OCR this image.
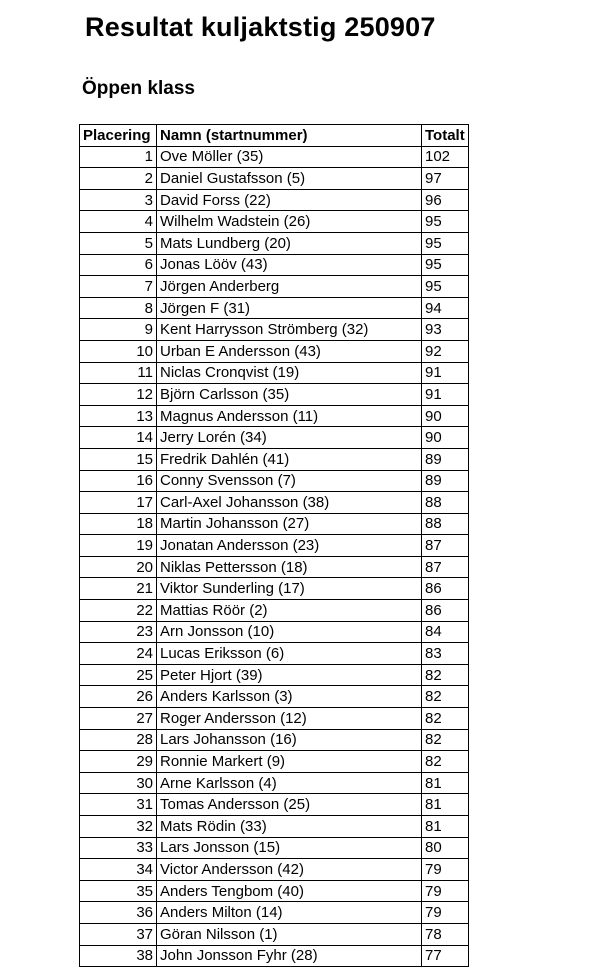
Resultat kuljaktstig 250907
Öppen klass
Placering	Namn (startnummer)	Totalt
1	Ove Möller (35)	102
2	Daniel Gustafsson (5)	97
3	David Forss (22)	96
4	Wilhelm Wadstein (26)	95
5	Mats Lundberg (20)	95
6	Jonas Lööv (43)	95
7	Jörgen Anderberg	95
8	Jörgen F (31)	94
9	Kent Harrysson Strömberg (32)	93
10	Urban E Andersson (43)	92
11	Niclas Cronqvist (19)	91
12	Björn Carlsson (35)	91
13	Magnus Andersson (11)	90
14	Jerry Lorén (34)	90
15	Fredrik Dahlén (41)	89
16	Conny Svensson (7)	89
17	Carl-Axel Johansson (38)	88
18	Martin Johansson (27)	88
19	Jonatan Andersson (23)	87
20	Niklas Pettersson (18)	87
21	Viktor Sunderling (17)	86
22	Mattias Röör (2)	86
23	Arn Jonsson (10)	84
24	Lucas Eriksson (6)	83
25	Peter Hjort (39)	82
26	Anders Karlsson (3)	82
27	Roger Andersson (12)	82
28	Lars Johansson (16)	82
29	Ronnie Markert (9)	82
30	Arne Karlsson (4)	81
31	Tomas Andersson (25)	81
32	Mats Rödin (33)	81
33	Lars Jonsson (15)	80
34	Victor Andersson (42)	79
35	Anders Tengbom (40)	79
36	Anders Milton (14)	79
37	Göran Nilsson (1)	78
38	John Jonsson Fyhr (28)	77
